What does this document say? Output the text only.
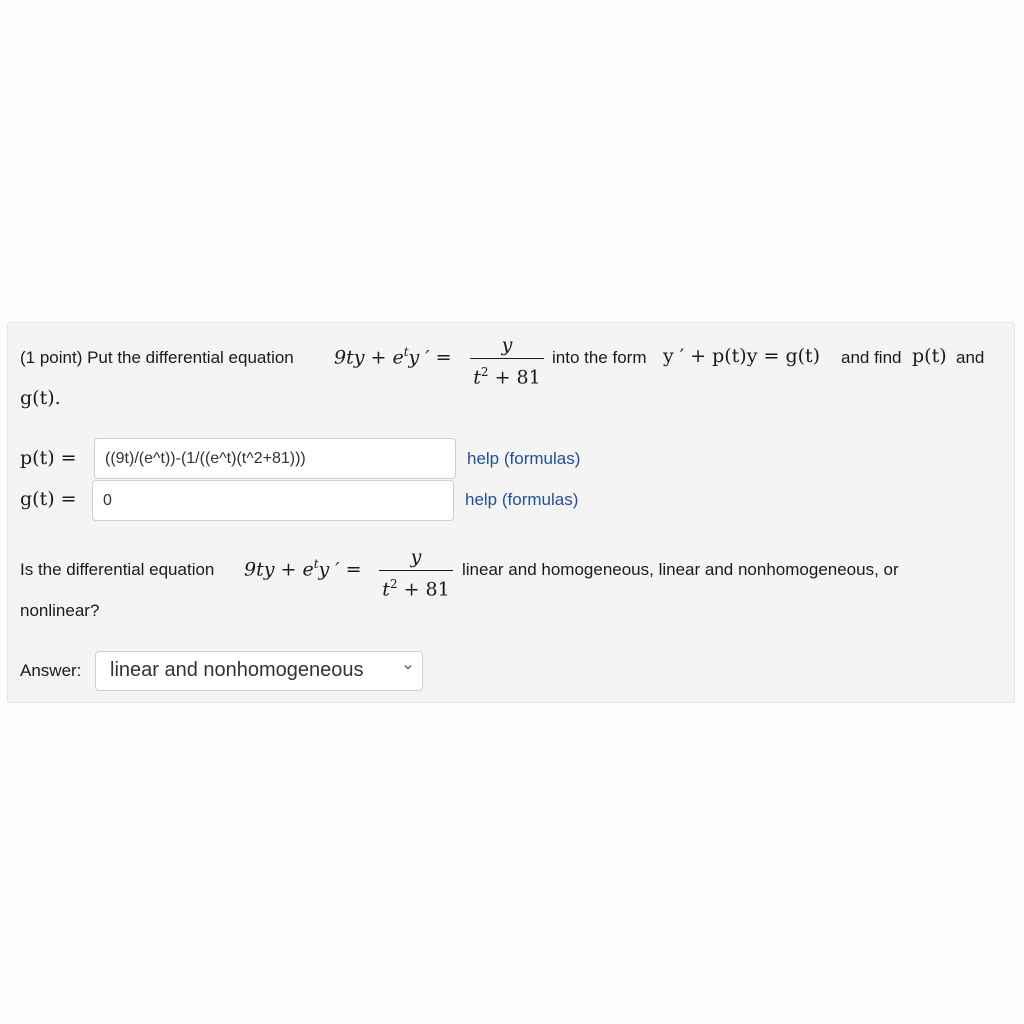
(1 point) Put the differential equation $9ty + e^ty$ ′ =
y
$t^2 + 81$
into the form y ′ + p(t)y = g(t) and find p(t) and
g(t).
p(t) =
((9t)/(e^t))-(1/((e^t)(t^2+81)))	help (formulas)
g(t) =
0	help (formulas)
Is the differential equation $9ty + e^ty$ ′ =
y
$t^2 + 81$
linear and homogeneous, linear and nonhomogeneous, or
nonlinear?
Answer:	linear and nonhomogeneous
